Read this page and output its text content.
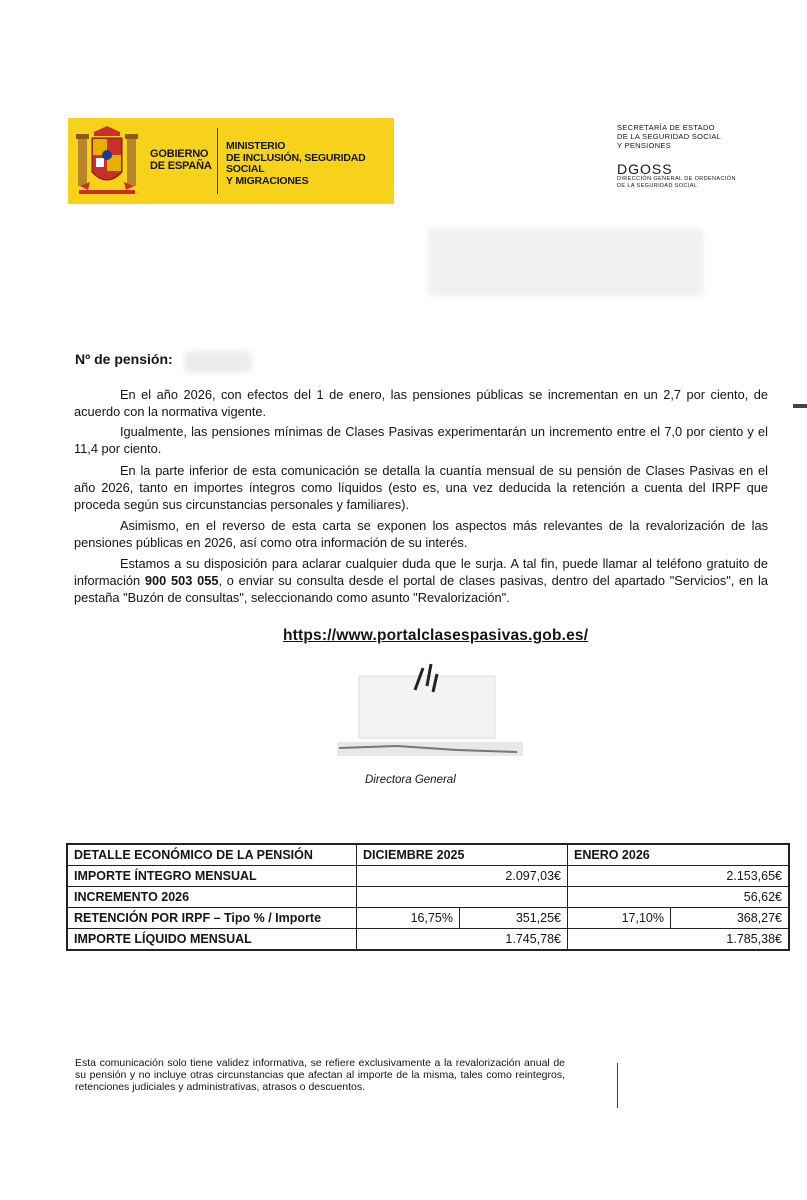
GOBIERNO
DE ESPAÑA
MINISTERIO
DE INCLUSIÓN, SEGURIDAD SOCIAL
Y MIGRACIONES
SECRETARÍA DE ESTADO
DE LA SEGURIDAD SOCIAL
Y PENSIONES
DGOSS
DIRECCIÓN GENERAL DE ORDENACIÓN
DE LA SEGURIDAD SOCIAL
Nº de pensión:
En el año 2026, con efectos del 1 de enero, las pensiones públicas se incrementan en un 2,7 por ciento, de acuerdo con la normativa vigente.
Igualmente, las pensiones mínimas de Clases Pasivas experimentarán un incremento entre el 7,0 por ciento y el 11,4 por ciento.
En la parte inferior de esta comunicación se detalla la cuantía mensual de su pensión de Clases Pasivas en el año 2026, tanto en importes íntegros como líquidos (esto es, una vez deducida la retención a cuenta del IRPF que proceda según sus circunstancias personales y familiares).
Asimismo, en el reverso de esta carta se exponen los aspectos más relevantes de la revalorización de las pensiones públicas en 2026, así como otra información de su interés.
Estamos a su disposición para aclarar cualquier duda que le surja. A tal fin, puede llamar al teléfono gratuito de información 900 503 055, o enviar su consulta desde el portal de clases pasivas, dentro del apartado "Servicios", en la pestaña "Buzón de consultas", seleccionando como asunto "Revalorización".
https://www.portalclasespasivas.gob.es/
Directora General
DETALLE ECONÓMICO DE LA PENSIÓN	DICIEMBRE 2025		ENERO 2026	
IMPORTE ÍNTEGRO MENSUAL	2.097,03€		2.153,65€	
INCREMENTO 2026			56,62€	
RETENCIÓN POR IRPF – Tipo % / Importe	16,75%	351,25€	17,10%	368,27€
IMPORTE LÍQUIDO MENSUAL	1.745,78€		1.785,38€	
Esta comunicación solo tiene validez informativa, se refiere exclusivamente a la revalorización anual de su pensión y no incluye otras circunstancias que afectan al importe de la misma, tales como reintegros, retenciones judiciales y administrativas, atrasos o descuentos.
